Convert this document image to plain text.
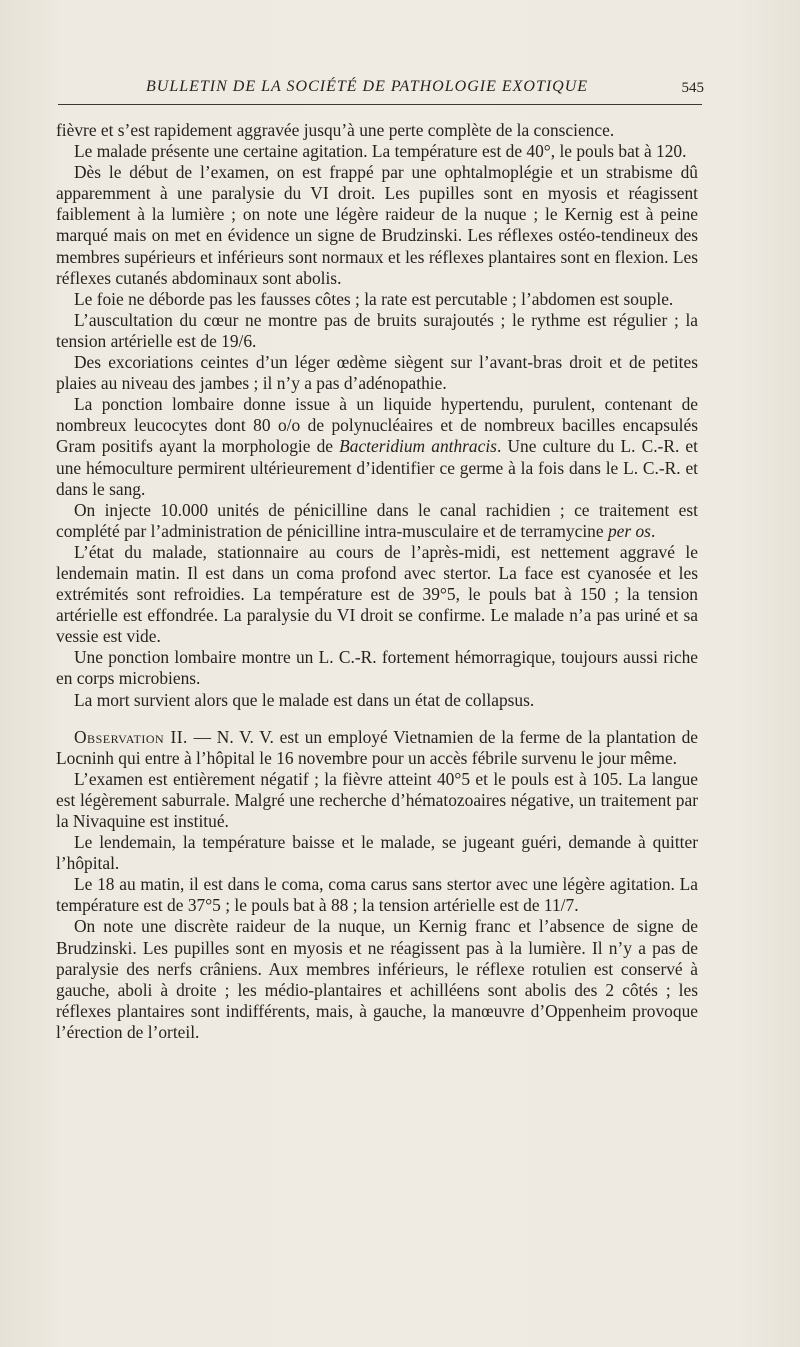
BULLETIN DE LA SOCIÉTÉ DE PATHOLOGIE EXOTIQUE	545

fièvre et s’est rapidement aggravée jusqu’à une perte complète de la conscience.

Le malade présente une certaine agitation. La température est de 40°, le pouls bat à 120.

Dès le début de l’examen, on est frappé par une ophtalmoplégie et un strabisme dû apparemment à une paralysie du VI droit. Les pupilles sont en myosis et réagissent faiblement à la lumière ; on note une légère raideur de la nuque ; le Kernig est à peine marqué mais on met en évidence un signe de Brudzinski. Les réflexes ostéo-tendineux des membres supérieurs et inférieurs sont normaux et les réflexes plantaires sont en flexion. Les réflexes cutanés abdominaux sont abolis.

Le foie ne déborde pas les fausses côtes ; la rate est percutable ; l’abdomen est souple.

L’auscultation du cœur ne montre pas de bruits surajoutés ; le rythme est régulier ; la tension artérielle est de 19/6.

Des excoriations ceintes d’un léger œdème siègent sur l’avant-bras droit et de petites plaies au niveau des jambes ; il n’y a pas d’adénopathie.

La ponction lombaire donne issue à un liquide hypertendu, purulent, contenant de nombreux leucocytes dont 80 o/o de polynucléaires et de nombreux bacilles encapsulés Gram positifs ayant la morphologie de Bacteridium anthracis. Une culture du L. C.-R. et une hémoculture permirent ultérieurement d’identifier ce germe à la fois dans le L. C.-R. et dans le sang.

On injecte 10.000 unités de pénicilline dans le canal rachidien ; ce traitement est complété par l’administration de pénicilline intra-musculaire et de terramycine per os.

L’état du malade, stationnaire au cours de l’après-midi, est nettement aggravé le lendemain matin. Il est dans un coma profond avec stertor. La face est cyanosée et les extrémités sont refroidies. La température est de 39°5, le pouls bat à 150 ; la tension artérielle est effondrée. La paralysie du VI droit se confirme. Le malade n’a pas uriné et sa vessie est vide.

Une ponction lombaire montre un L. C.-R. fortement hémorragique, toujours aussi riche en corps microbiens.

La mort survient alors que le malade est dans un état de collapsus.

Observation II. — N. V. V. est un employé Vietnamien de la ferme de la plantation de Locninh qui entre à l’hôpital le 16 novembre pour un accès fébrile survenu le jour même.

L’examen est entièrement négatif ; la fièvre atteint 40°5 et le pouls est à 105. La langue est légèrement saburrale. Malgré une recherche d’hématozoaires négative, un traitement par la Nivaquine est institué.

Le lendemain, la température baisse et le malade, se jugeant guéri, demande à quitter l’hôpital.

Le 18 au matin, il est dans le coma, coma carus sans stertor avec une légère agitation. La température est de 37°5 ; le pouls bat à 88 ; la tension artérielle est de 11/7.

On note une discrète raideur de la nuque, un Kernig franc et l’absence de signe de Brudzinski. Les pupilles sont en myosis et ne réagissent pas à la lumière. Il n’y a pas de paralysie des nerfs crâniens. Aux membres inférieurs, le réflexe rotulien est conservé à gauche, aboli à droite ; les médio-plantaires et achilléens sont abolis des 2 côtés ; les réflexes plantaires sont indifférents, mais, à gauche, la manœuvre d’Oppenheim provoque l’érection de l’orteil.
